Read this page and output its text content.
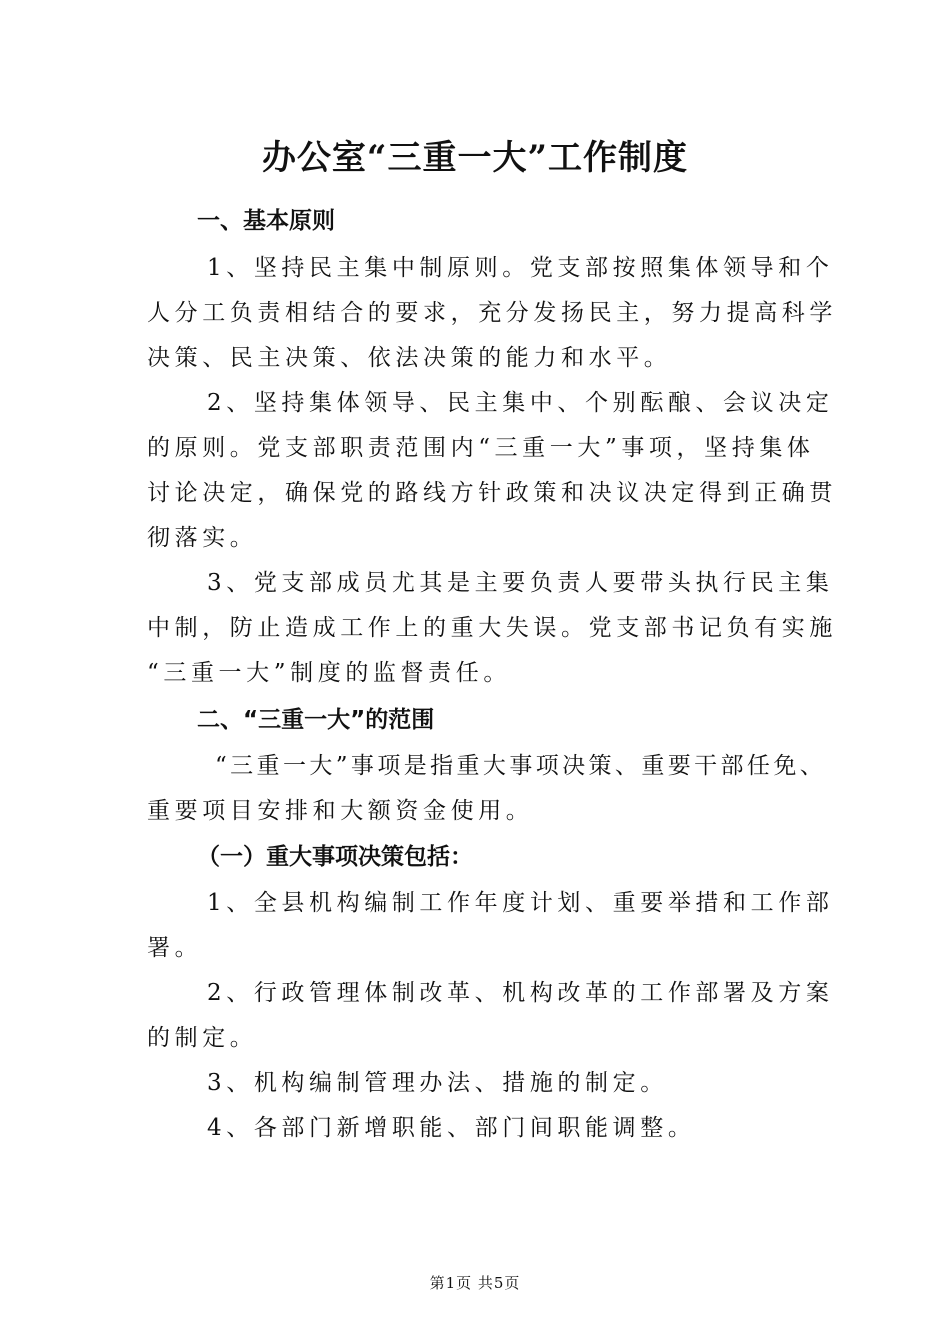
办公室“三重一大”工作制度
一、基本原则
1、坚持民主集中制原则。党支部按照集体领导和个
人分工负责相结合的要求，充分发扬民主，努力提高科学
决策、民主决策、依法决策的能力和水平。
2、坚持集体领导、民主集中、个别酝酿、会议决定
的原则。党支部职责范围内“三重一大”事项，坚持集体
讨论决定，确保党的路线方针政策和决议决定得到正确贯
彻落实。
3、党支部成员尤其是主要负责人要带头执行民主集
中制，防止造成工作上的重大失误。党支部书记负有实施
“三重一大”制度的监督责任。
二、“三重一大”的范围
“三重一大”事项是指重大事项决策、重要干部任免、
重要项目安排和大额资金使用。
（一）重大事项决策包括：
1、全县机构编制工作年度计划、重要举措和工作部
署。
2、行政管理体制改革、机构改革的工作部署及方案
的制定。
3、机构编制管理办法、措施的制定。
4、各部门新增职能、部门间职能调整。
第1页 共5页
